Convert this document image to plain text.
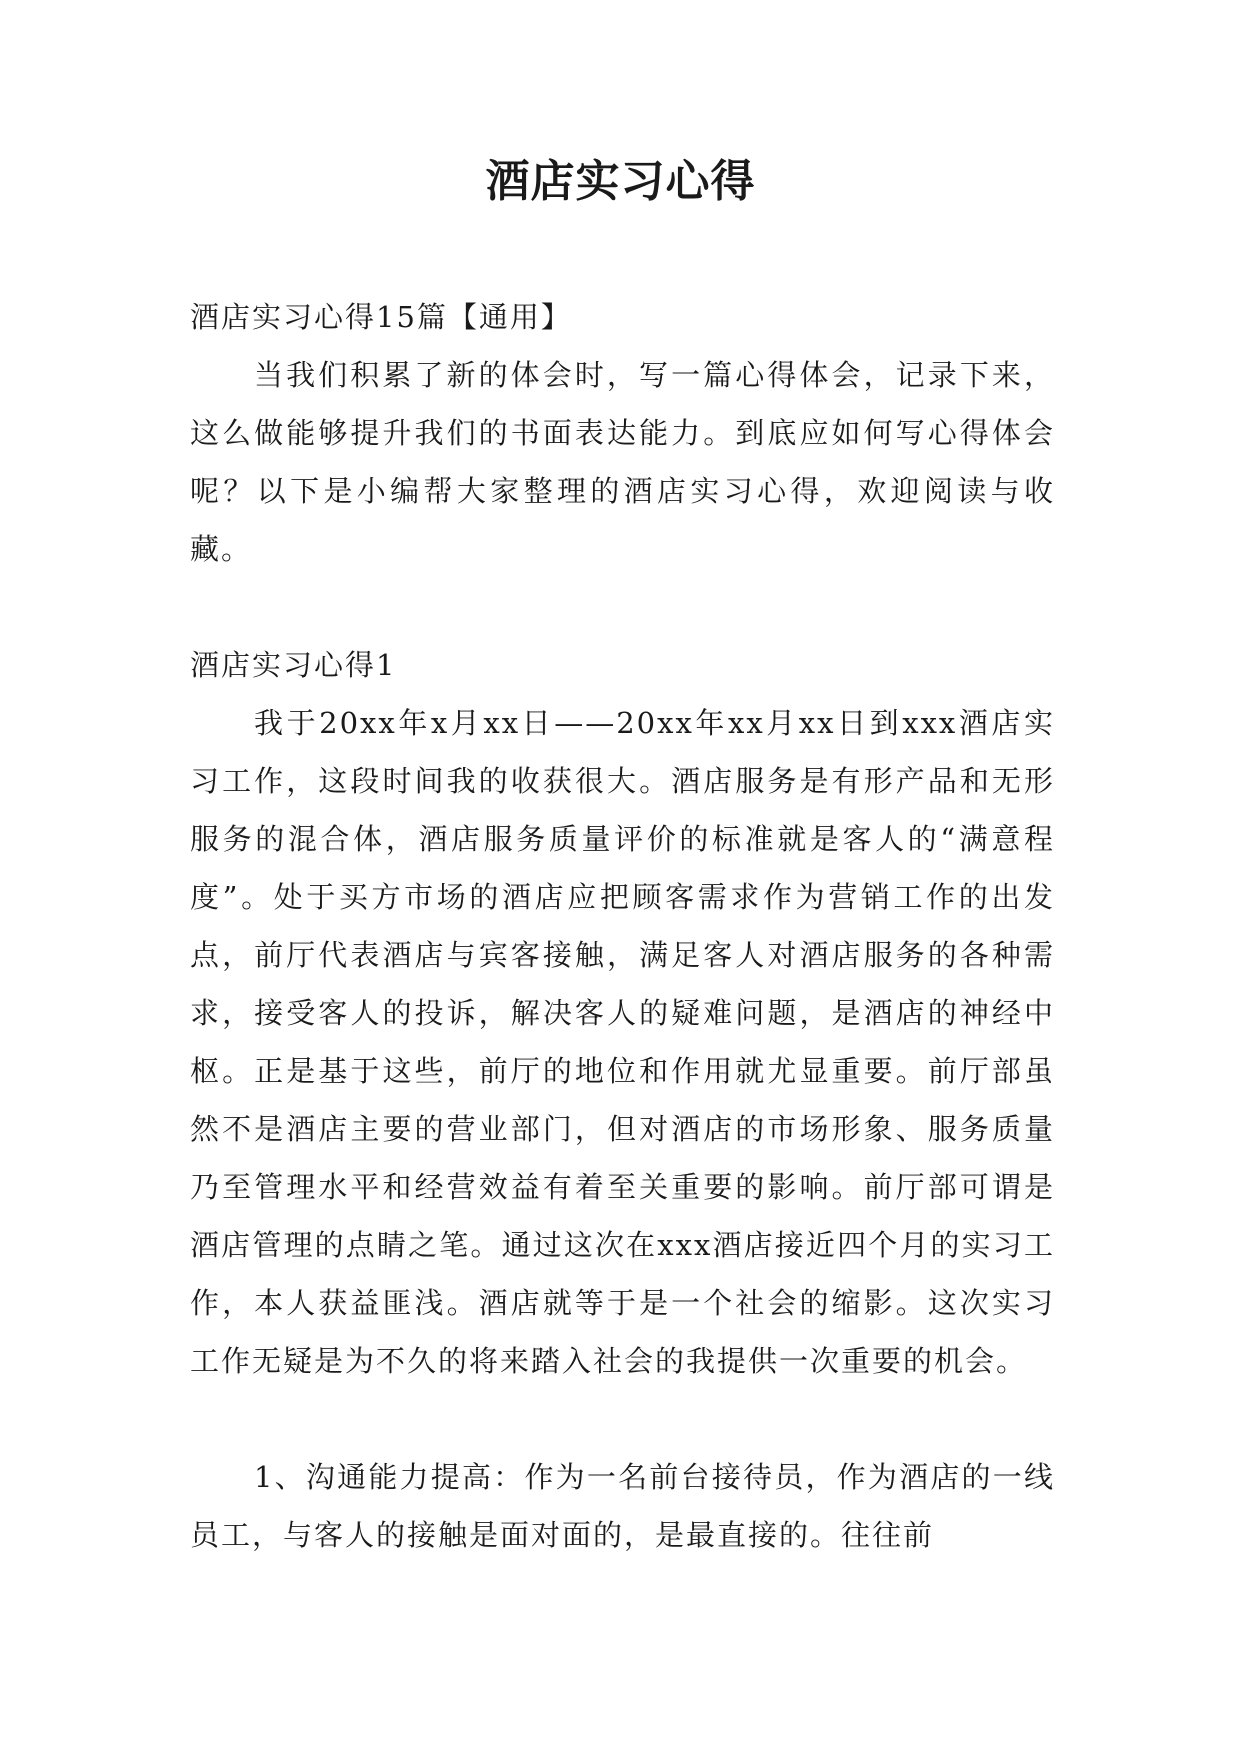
酒店实习心得

酒店实习心得15篇【通用】

当我们积累了新的体会时，写一篇心得体会，记录下来，这么做能够提升我们的书面表达能力。到底应如何写心得体会呢？以下是小编帮大家整理的酒店实习心得，欢迎阅读与收藏。

酒店实习心得1

我于20xx年x月xx日——20xx年xx月xx日到xxx酒店实习工作，这段时间我的收获很大。酒店服务是有形产品和无形服务的混合体，酒店服务质量评价的标准就是客人的“满意程度”。处于买方市场的酒店应把顾客需求作为营销工作的出发点，前厅代表酒店与宾客接触，满足客人对酒店服务的各种需求，接受客人的投诉，解决客人的疑难问题，是酒店的神经中枢。正是基于这些，前厅的地位和作用就尤显重要。前厅部虽然不是酒店主要的营业部门，但对酒店的市场形象、服务质量乃至管理水平和经营效益有着至关重要的影响。前厅部可谓是酒店管理的点睛之笔。通过这次在xxx酒店接近四个月的实习工作，本人获益匪浅。酒店就等于是一个社会的缩影。这次实习工作无疑是为不久的将来踏入社会的我提供一次重要的机会。

1、沟通能力提高：作为一名前台接待员，作为酒店的一线员工，与客人的接触是面对面的，是最直接的。往往前
